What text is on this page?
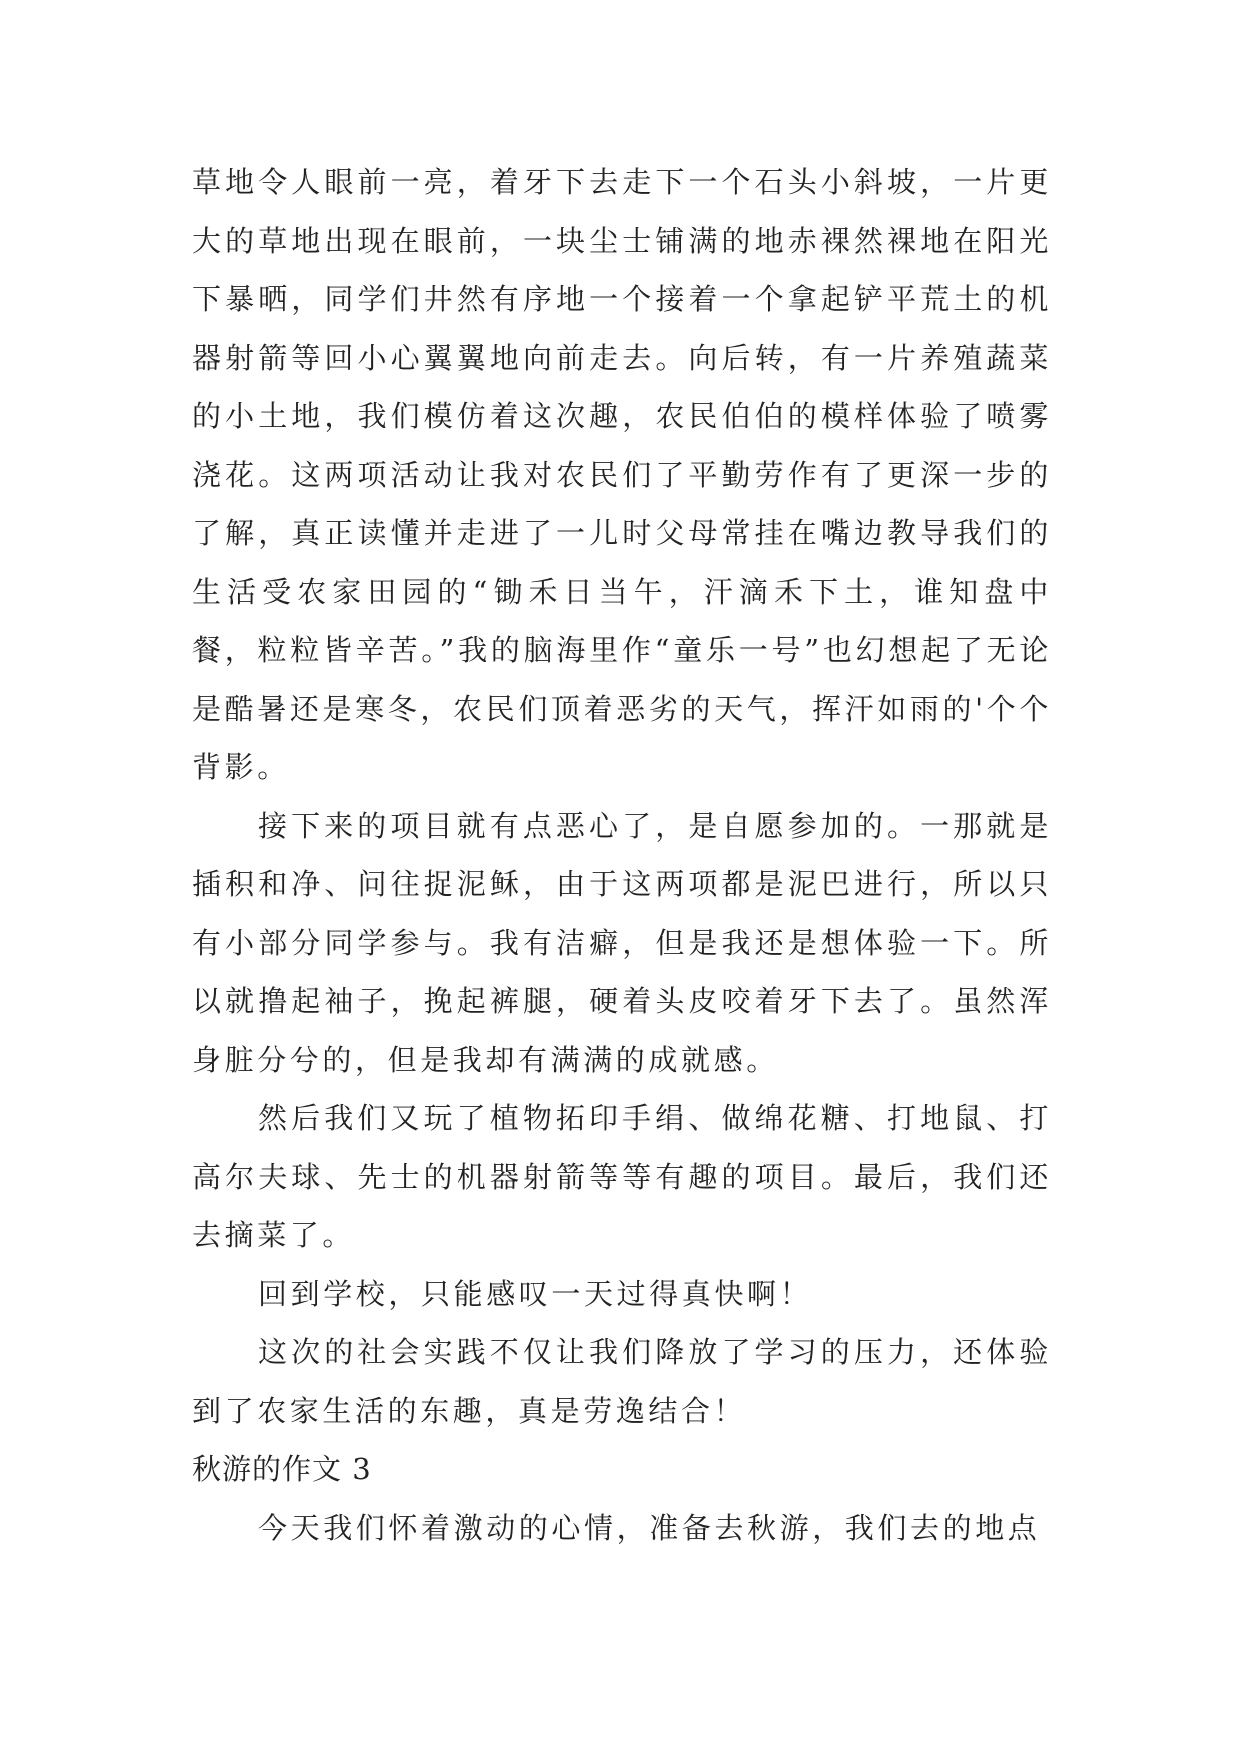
草地令人眼前一亮，着牙下去走下一个石头小斜坡，一片更大的草地出现在眼前，一块尘士铺满的地赤裸然裸地在阳光下暴晒，同学们井然有序地一个接着一个拿起铲平荒土的机器射箭等回小心翼翼地向前走去。向后转，有一片养殖蔬菜的小土地，我们模仿着这次趣，农民伯伯的模样体验了喷雾浇花。这两项活动让我对农民们了平勤劳作有了更深一步的了解，真正读懂并走进了一儿时父母常挂在嘴边教导我们的生活受农家田园的“锄禾日当午，汗滴禾下土，谁知盘中餐，粒粒皆辛苦。”我的脑海里作“童乐一号”也幻想起了无论是酷暑还是寒冬，农民们顶着恶劣的天气，挥汗如雨的'个个背影。

接下来的项目就有点恶心了，是自愿参加的。一那就是插积和净、问往捉泥稣，由于这两项都是泥巴进行，所以只有小部分同学参与。我有洁癖，但是我还是想体验一下。所以就撸起袖子，挽起裤腿，硬着头皮咬着牙下去了。虽然浑身脏分兮的，但是我却有满满的成就感。

然后我们又玩了植物拓印手绢、做绵花糖、打地鼠、打高尔夫球、先士的机器射箭等等有趣的项目。最后，我们还去摘菜了。

回到学校，只能感叹一天过得真快啊！

这次的社会实践不仅让我们降放了学习的压力，还体验到了农家生活的东趣，真是劳逸结合！

秋游的作文 3

今天我们怀着激动的心情，准备去秋游，我们去的地点
